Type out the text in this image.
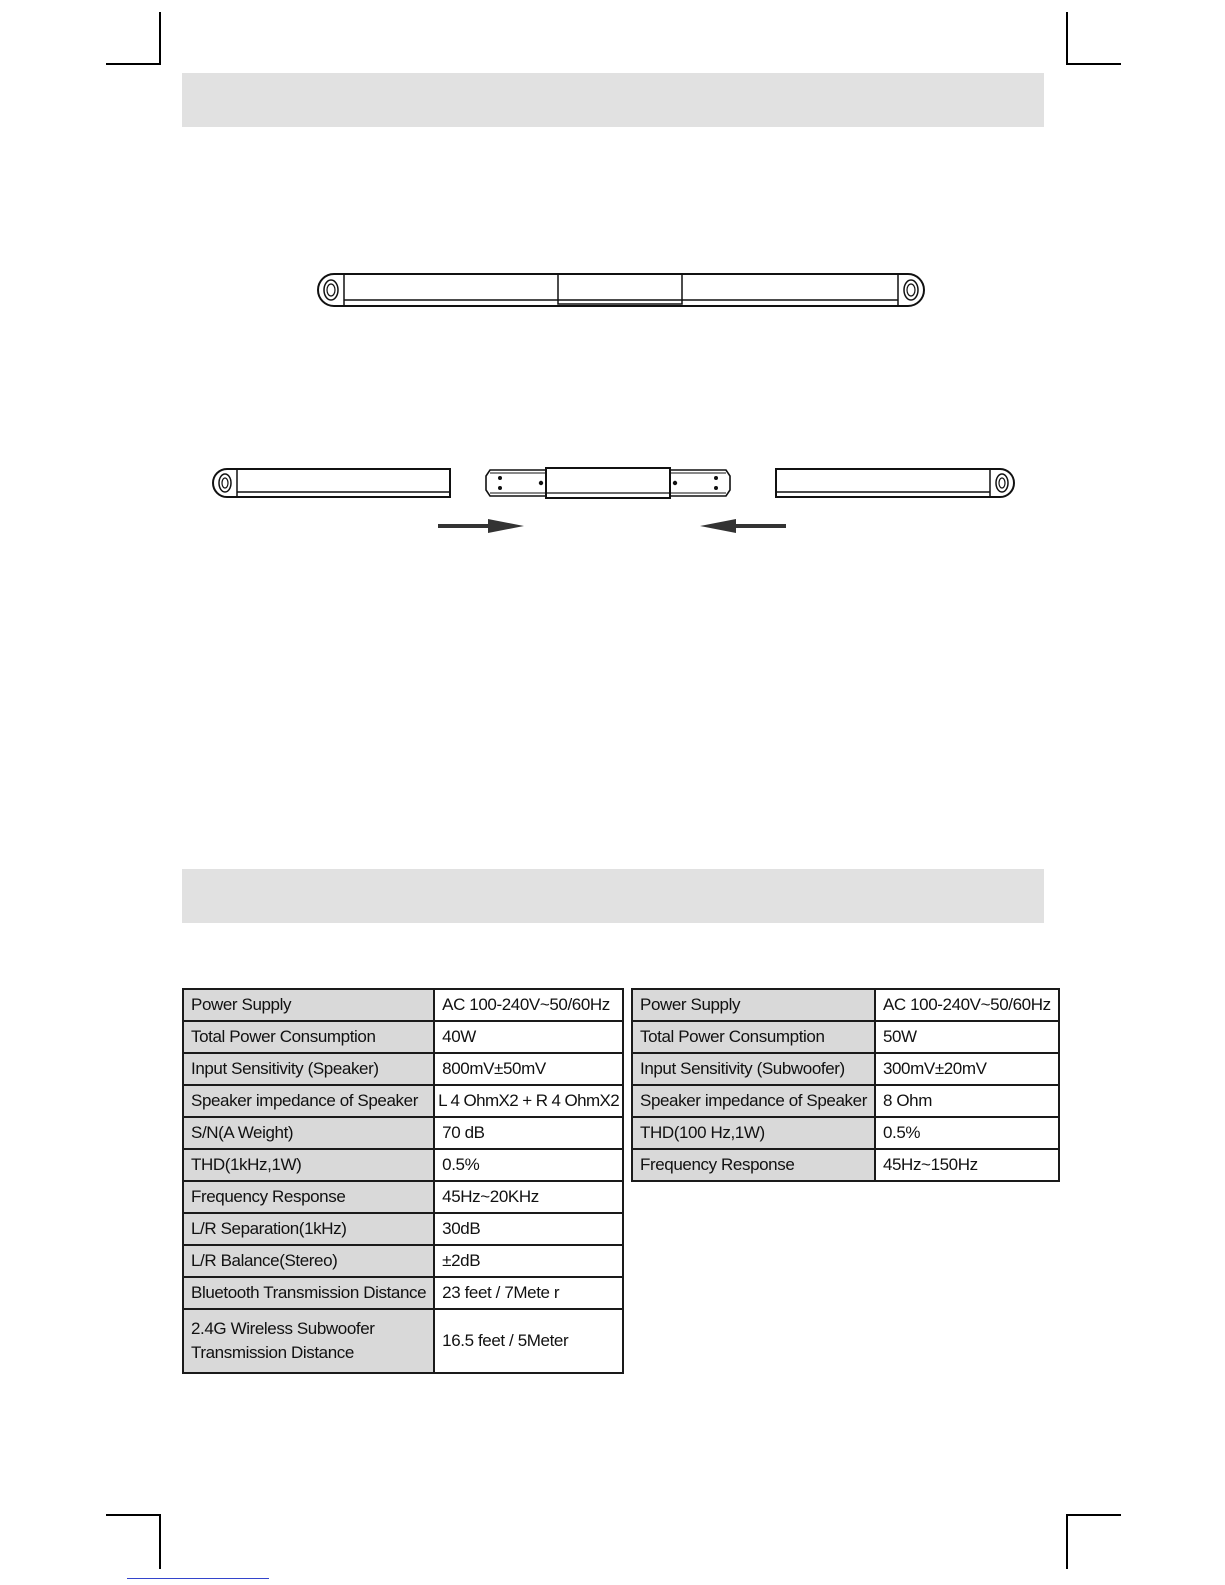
Power Supply	AC 100-240V~50/60Hz
Total Power Consumption	40W
Input Sensitivity (Speaker)	800mV±50mV
Speaker impedance of Speaker	L 4 OhmX2 + R 4 OhmX2
S/N(A Weight)	70 dB
THD(1kHz,1W)	0.5%
Frequency Response	45Hz~20KHz
L/R Separation(1kHz)	30dB
L/R Balance(Stereo)	±2dB
Bluetooth Transmission Distance	23 feet / 7Mete r
2.4G Wireless Subwoofer Transmission Distance	16.5 feet / 5Meter
Power Supply	AC 100-240V~50/60Hz
Total Power Consumption	50W
Input Sensitivity (Subwoofer)	300mV±20mV
Speaker impedance of Speaker	8 Ohm
THD(100 Hz,1W)	0.5%
Frequency Response	45Hz~150Hz
